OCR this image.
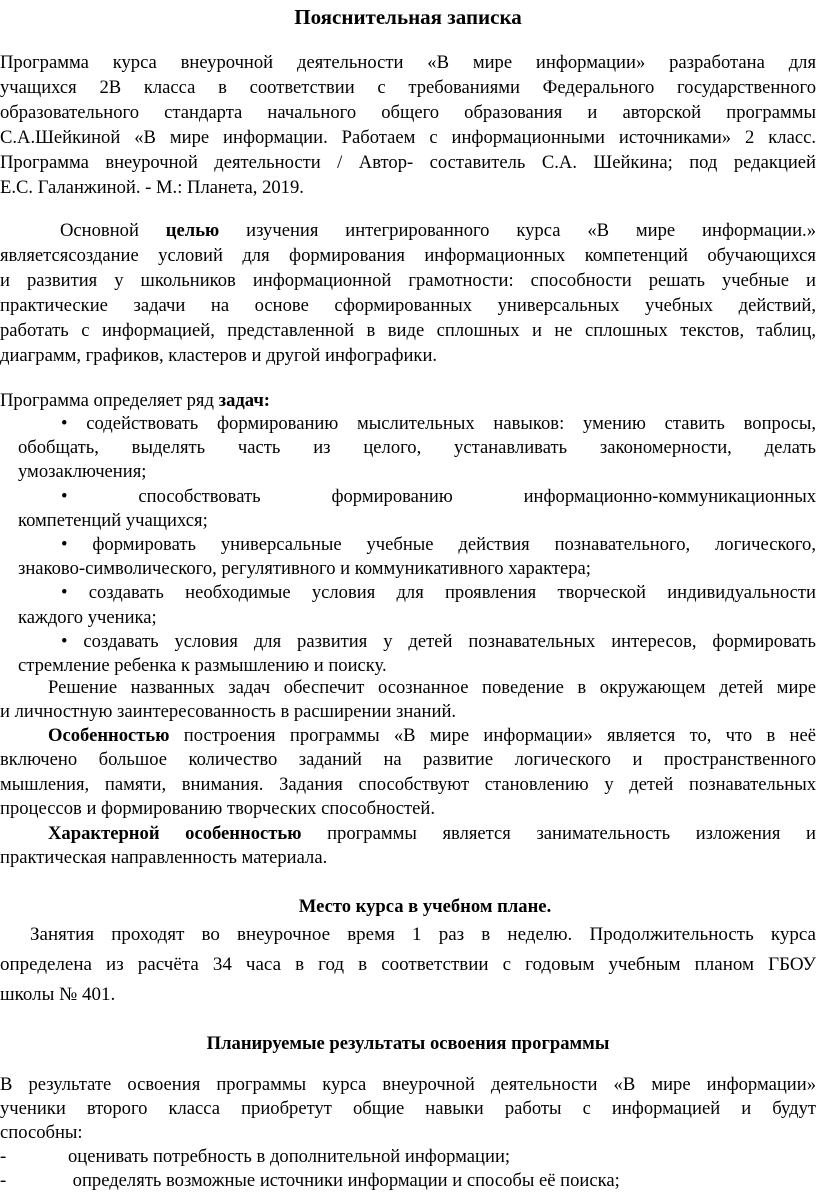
Пояснительная записка
Программа курса внеурочной деятельности «В мире информации» разработана для
учащихся 2В класса в соответствии с требованиями Федерального государственного
образовательного стандарта начального общего образования и авторской программы
С.А.Шейкиной «В мире информации. Работаем с информационными источниками» 2 класс.
Программа внеурочной деятельности / Автор- составитель С.А. Шейкина; под редакцией
Е.С. Галанжиной. - М.: Планета, 2019.
Основной целью изучения интегрированного курса «В мире информации.»
являетсясоздание условий для формирования информационных компетенций обучающихся
и развития у школьников информационной грамотности: способности решать учебные и
практические задачи на основе сформированных универсальных учебных действий,
работать с информацией, представленной в виде сплошных и не сплошных текстов, таблиц,
диаграмм, графиков, кластеров и другой инфографики.
Программа определяет ряд задач:
• содействовать формированию мыслительных навыков: умению ставить вопросы,
обобщать, выделять часть из целого, устанавливать закономерности, делать
умозаключения;
• способствовать формированию информационно-коммуникационных
компетенций учащихся;
• формировать универсальные учебные действия познавательного, логического,
знаково-символического, регулятивного и коммуникативного характера;
• создавать необходимые условия для проявления творческой индивидуальности
каждого ученика;
• создавать условия для развития у детей познавательных интересов, формировать
стремление ребенка к размышлению и поиску.
Решение названных задач обеспечит осознанное поведение в окружающем детей мире
и личностную заинтересованность в расширении знаний.
Особенностью построения программы «В мире информации» является то, что в неё
включено большое количество заданий на развитие логического и пространственного
мышления, памяти, внимания. Задания способствуют становлению у детей познавательных
процессов и формированию творческих способностей.
Характерной особенностью программы является занимательность изложения и
практическая направленность материала.
Место курса в учебном плане.
Занятия проходят во внеурочное время 1 раз в неделю. Продолжительность курса
определена из расчёта 34 часа в год в соответствии с годовым учебным планом ГБОУ
школы № 401.
Планируемые результаты освоения программы
В результате освоения программы курса внеурочной деятельности «В мире информации»
ученики второго класса приобретут общие навыки работы с информацией и будут
способны:
-	оценивать потребность в дополнительной информации;
-	определять возможные источники информации и способы её поиска;
